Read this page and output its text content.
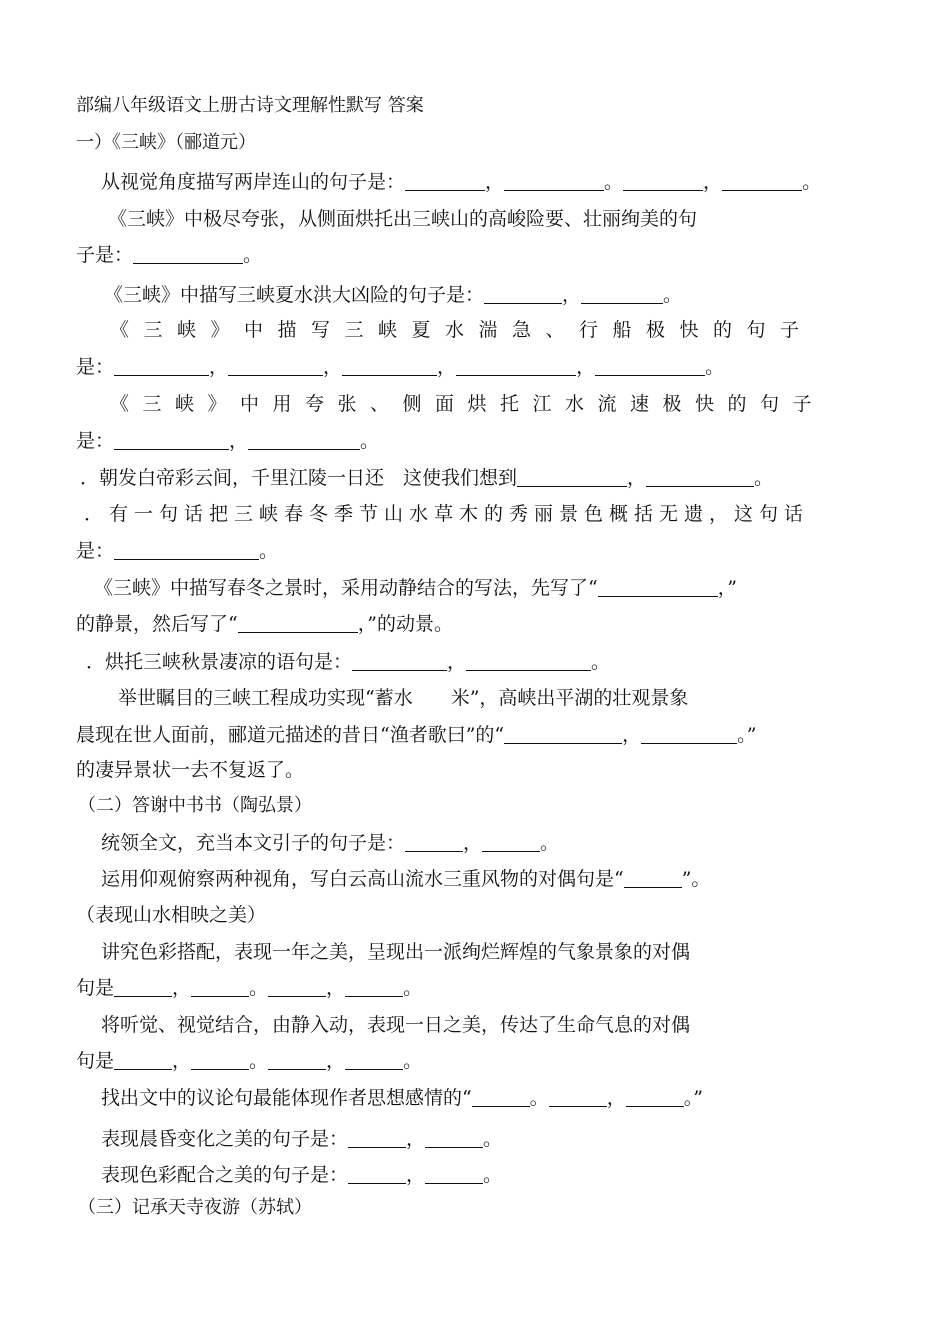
部编八年级语文上册古诗文理解性默写 答案
一）《三峡》（郦道元）
从视觉角度描写两岸连山的句子是：	，	。	，	。
《三峡》中极尽夸张，从侧面烘托出三峡山的高峻险要、壮丽绚美的句
子是：	。
《三峡》中描写三峡夏水洪大凶险的句子是：	，	。
《三峡》中描写三峡夏水湍急、行船极快的句子
是：	，	，	，	，	。
《三峡》中用夸张、侧面烘托江水流速极快的句子
是：	，	。
．朝发白帝彩云间，千里江陵一日还　这使我们想到	，	。
．有一句话把三峡春冬季节山水草木的秀丽景色概括无遗，这句话
是：	。
《三峡》中描写春冬之景时，采用动静结合的写法，先写了“	，”
的静景，然后写了“	，”的动景。
．烘托三峡秋景凄凉的语句是：	，	。
举世瞩目的三峡工程成功实现“蓄水　　米”，高峡出平湖的壮观景象
晨现在世人面前，郦道元描述的昔日“渔者歌曰”的“	，	。”
的凄异景状一去不复返了。
（二）答谢中书书（陶弘景）
统领全文，充当本文引子的句子是：	，	。
运用仰观俯察两种视角，写白云高山流水三重风物的对偶句是“	”。
（表现山水相映之美）
讲究色彩搭配，表现一年之美，呈现出一派绚烂辉煌的气象景象的对偶
句是	，	。	，	。
将听觉、视觉结合，由静入动，表现一日之美，传达了生命气息的对偶
句是	，	。	，	。
找出文中的议论句最能体现作者思想感情的“	。	，	。”
表现晨昏变化之美的句子是：	，	。
表现色彩配合之美的句子是：	，	。
（三）记承天寺夜游（苏轼）
